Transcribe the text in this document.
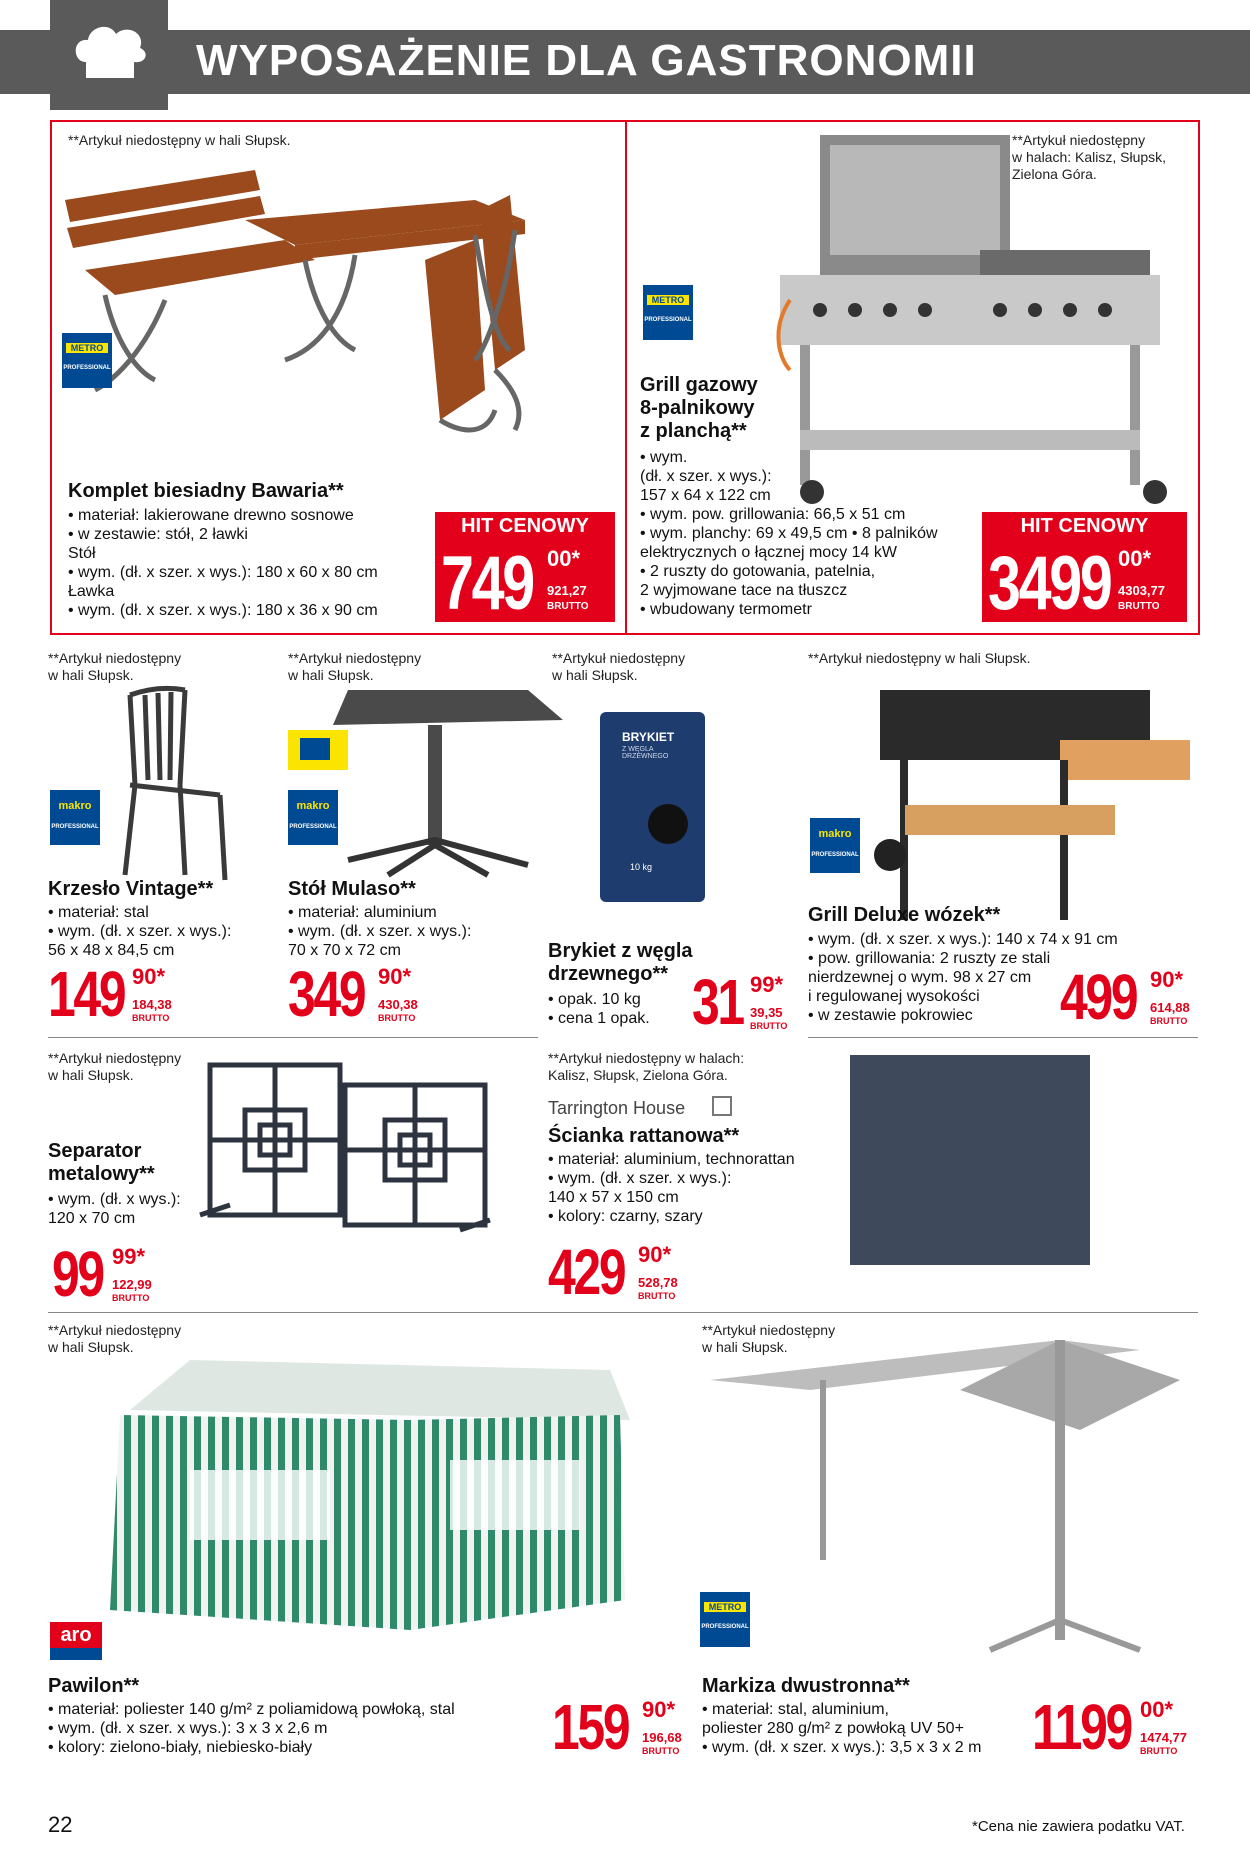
WYPOSAŻENIE DLA GASTRONOMII
**Artykuł niedostępny w hali Słupsk.
METRO
PROFESSIONAL
Komplet biesiadny Bawaria**
• materiał: lakierowane drewno sosnowe
• w zestawie: stół, 2 ławki
Stół
• wym. (dł. x szer. x wys.): 180 x 60 x 80 cm
Ławka
• wym. (dł. x szer. x wys.): 180 x 36 x 90 cm
HIT CENOWY
749 00*
921,27
BRUTTO
**Artykuł niedostępny
w halach: Kalisz, Słupsk,
Zielona Góra.
METRO
PROFESSIONAL
Grill gazowy
8-palnikowy
z planchą**
• wym.
(dł. x szer. x wys.):
157 x 64 x 122 cm
• wym. pow. grillowania: 66,5 x 51 cm
• wym. planchy: 69 x 49,5 cm • 8 palników
elektrycznych o łącznej mocy 14 kW
• 2 ruszty do gotowania, patelnia,
2 wyjmowane tace na tłuszcz
• wbudowany termometr
HIT CENOWY
3499 00*
4303,77
BRUTTO
**Artykuł niedostępny
w hali Słupsk.
makro
PROFESSIONAL
Krzesło Vintage**
• materiał: stal
• wym. (dł. x szer. x wys.):
56 x 48 x 84,5 cm
149 90*
184,38
BRUTTO
**Artykuł niedostępny
w hali Słupsk.
makro
PROFESSIONAL
Stół Mulaso**
• materiał: aluminium
• wym. (dł. x szer. x wys.):
70 x 70 x 72 cm
349 90*
430,38
BRUTTO
**Artykuł niedostępny
w hali Słupsk.
BRYKIET
Z WĘGLA DRZEWNEGO
10 kg
Brykiet z węgla
drzewnego**
• opak. 10 kg
• cena 1 opak. 31 99*
39,35
BRUTTO
**Artykuł niedostępny w hali Słupsk.
makro
PROFESSIONAL
Grill Deluxe wózek**
• wym. (dł. x szer. x wys.): 140 x 74 x 91 cm
• pow. grillowania: 2 ruszty ze stali
nierdzewnej o wym. 98 x 27 cm
i regulowanej wysokości
• w zestawie pokrowiec	499 90*
614,88
BRUTTO
**Artykuł niedostępny
w hali Słupsk.
Separator
metalowy**
• wym. (dł. x wys.):
120 x 70 cm
99 99*
122,99
BRUTTO
**Artykuł niedostępny w halach:
Kalisz, Słupsk, Zielona Góra.
Tarrington House
Ścianka rattanowa**
• materiał: aluminium, technorattan
• wym. (dł. x szer. x wys.):
140 x 57 x 150 cm
• kolory: czarny, szary
429 90*
528,78
BRUTTO
**Artykuł niedostępny
w hali Słupsk.
aro
Pawilon**
• materiał: poliester 140 g/m² z poliamidową powłoką, stal
• wym. (dł. x szer. x wys.): 3 x 3 x 2,6 m
• kolory: zielono-biały, niebiesko-biały	159 90*
196,68
BRUTTO
**Artykuł niedostępny
w hali Słupsk.
METRO
PROFESSIONAL
Markiza dwustronna**
• materiał: stal, aluminium,
poliester 280 g/m² z powłoką UV 50+
• wym. (dł. x szer. x wys.): 3,5 x 3 x 2 m 1199 00*
1474,77
BRUTTO
22	*Cena nie zawiera podatku VAT.
